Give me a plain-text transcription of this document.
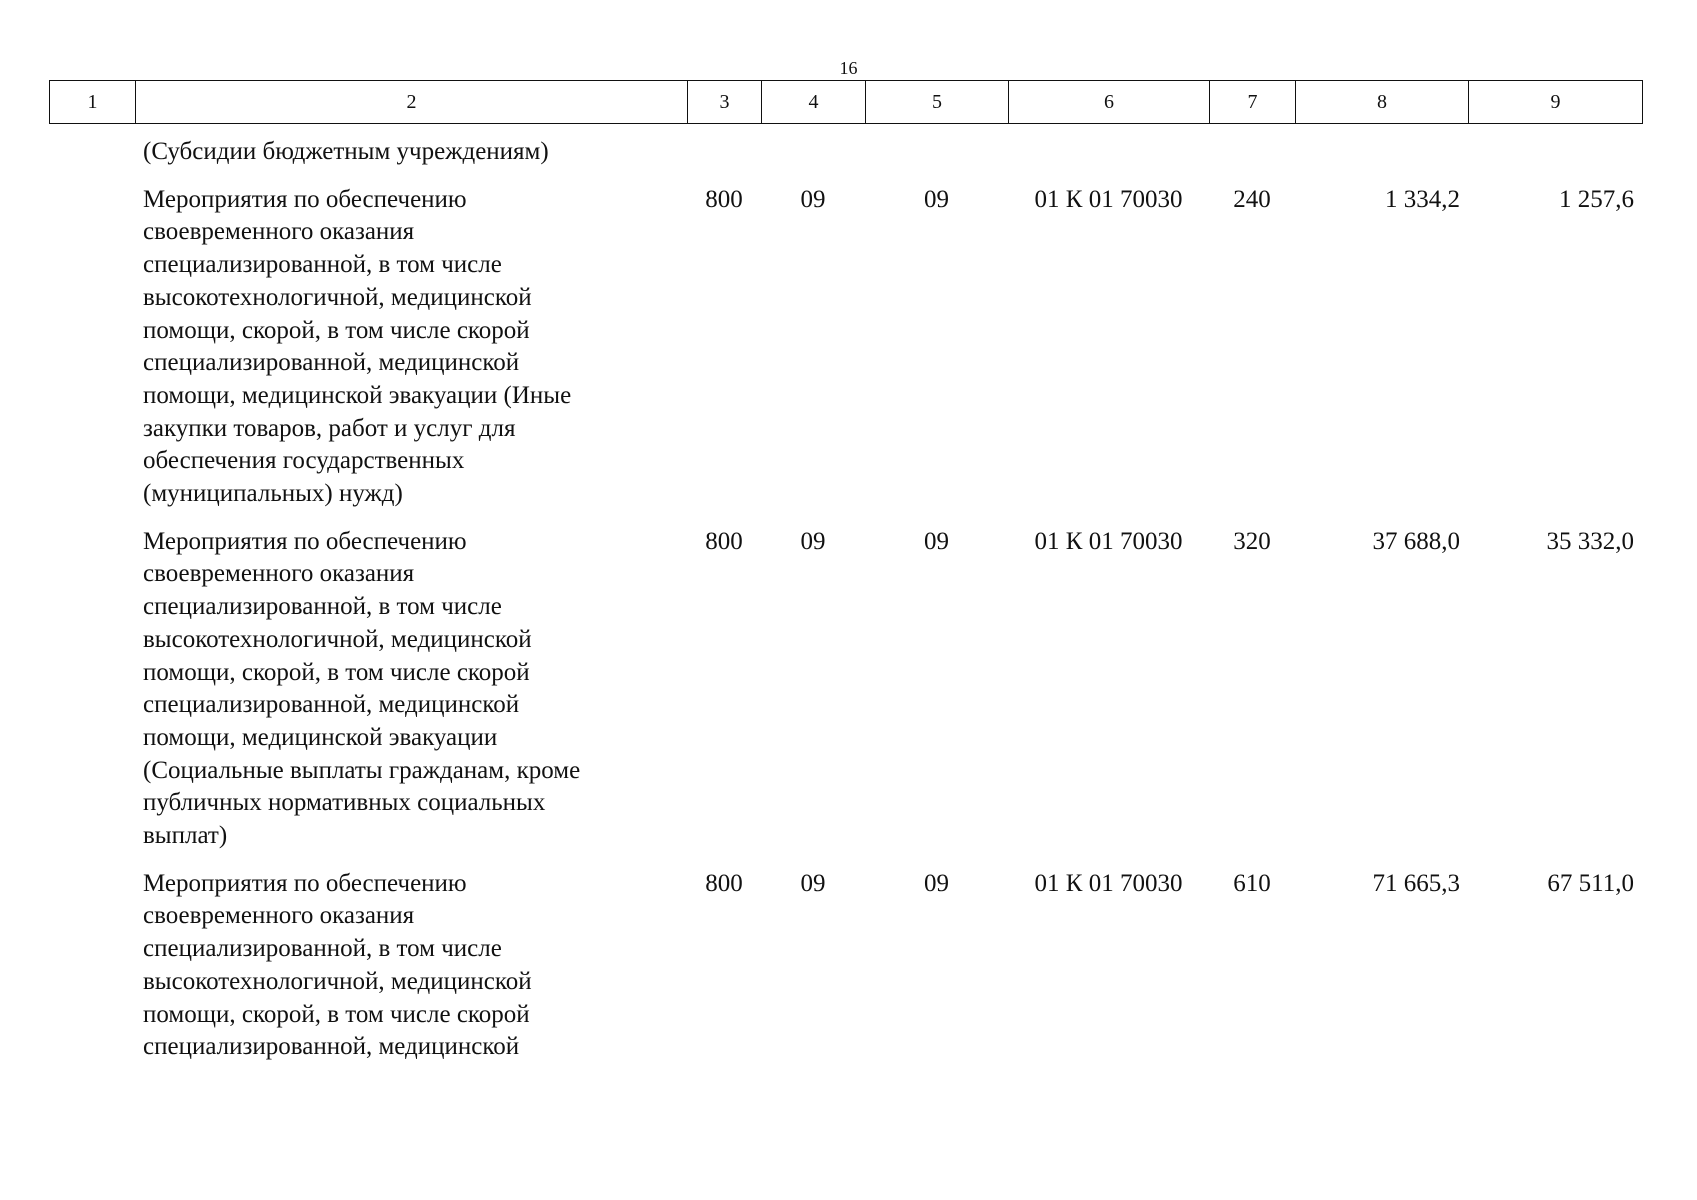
16
1	2	3	4	5	6	7	8	9
(Субсидии бюджетным учреждениям)
Мероприятия по обеспечению
своевременного оказания
специализированной, в том числе
высокотехнологичной, медицинской
помощи, скорой, в том числе скорой
специализированной, медицинской
помощи, медицинской эвакуации (Иные
закупки товаров, работ и услуг для
обеспечения государственных
(муниципальных) нужд)
800	09	09	01 К 01 70030	240	1 334,2	1 257,6
Мероприятия по обеспечению
своевременного оказания
специализированной, в том числе
высокотехнологичной, медицинской
помощи, скорой, в том числе скорой
специализированной, медицинской
помощи, медицинской эвакуации
(Социальные выплаты гражданам, кроме
публичных нормативных социальных
выплат)
800	09	09	01 К 01 70030	320	37 688,0	35 332,0
Мероприятия по обеспечению
своевременного оказания
специализированной, в том числе
высокотехнологичной, медицинской
помощи, скорой, в том числе скорой
специализированной, медицинской
800	09	09	01 К 01 70030	610	71 665,3	67 511,0
